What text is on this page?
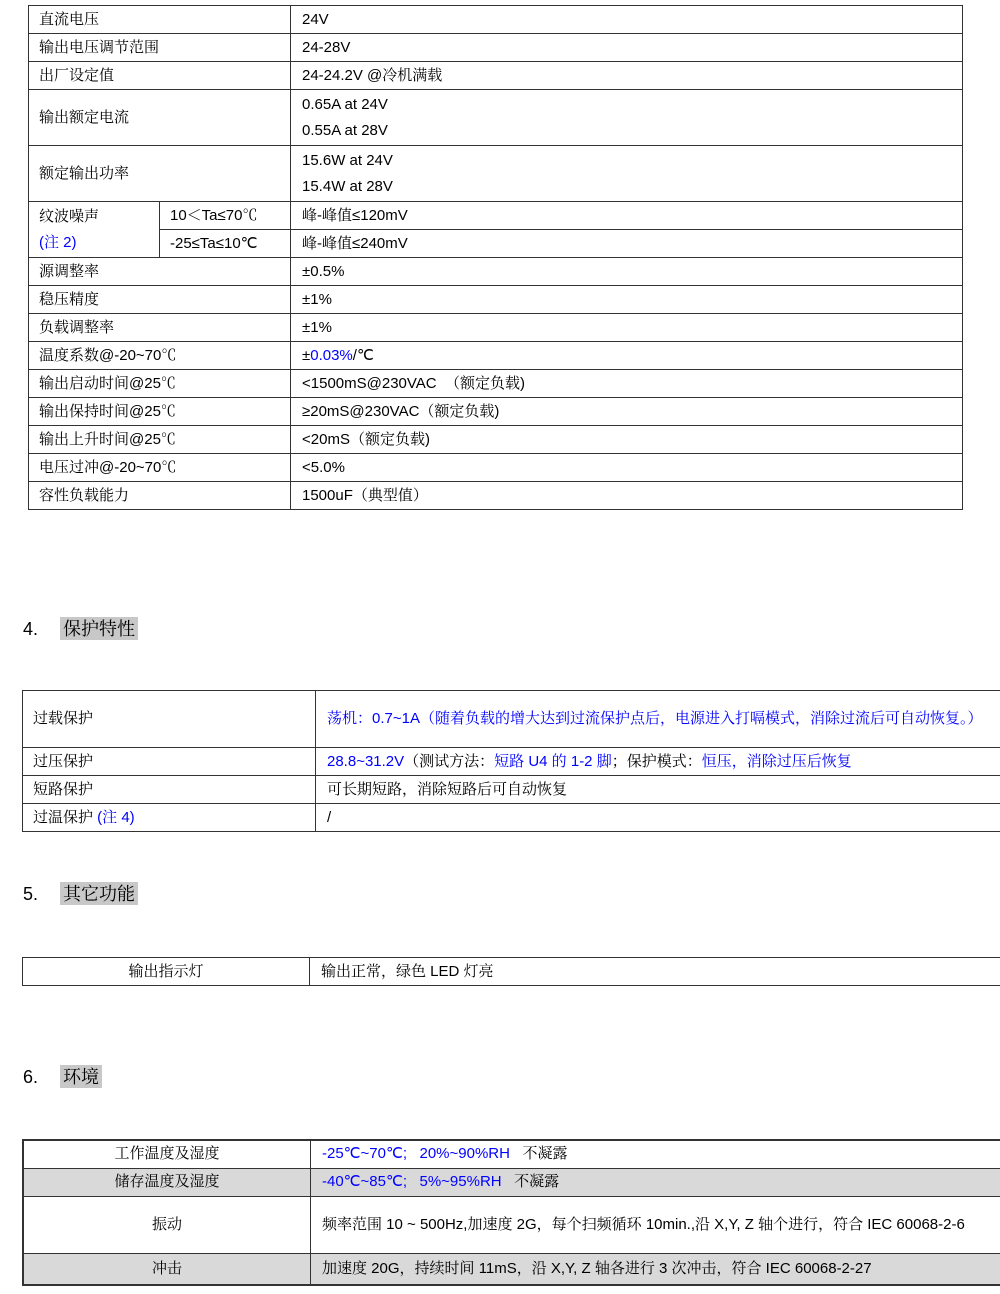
直流电压		24V
输出电压调节范围		24-28V
出厂设定值		24-24.2V @冷机满载
输出额定电流		0.65A at 24V
0.55A at 28V

额定输出功率		15.6W at 24V
15.4W at 28V

纹波噪声
(注 2)	10＜Ta≤70℃	峰-峰值≤120mV
	-25≤Ta≤10℃	峰-峰值≤240mV
源调整率		±0.5%
稳压精度		±1%
负载调整率		±1%
温度系数@-20~70℃		±0.03%/℃
输出启动时间@25℃		<1500mS@230VAC  （额定负载)
输出保持时间@25℃		≥20mS@230VAC（额定负载)
输出上升时间@25℃		<20mS（额定负载)
电压过冲@-20~70℃		<5.0%
容性负载能力		1500uF（典型值）
4. 保护特性
过载保护	荡机：0.7~1A（随着负载的增大达到过流保护点后，电源进入打嗝模式，消除过流后可自动恢复。）
过压保护	28.8~31.2V（测试方法：短路 U4 的 1-2 脚；保护模式：恒压，消除过压后恢复
短路保护	可长期短路，消除短路后可自动恢复
过温保护 (注 4)	/
5. 其它功能
输出指示灯	输出正常，绿色 LED 灯亮
6. 环境
工作温度及湿度	-25℃~70℃;   20%~90%RH   不凝露
储存温度及湿度	-40℃~85℃;   5%~95%RH   不凝露
振动	频率范围 10 ~ 500Hz,加速度 2G，每个扫频循环 10min.,沿 X,Y, Z 轴个进行，符合 IEC 60068-2-6
冲击	加速度 20G，持续时间 11mS，沿 X,Y, Z 轴各进行 3 次冲击，符合 IEC 60068-2-27
